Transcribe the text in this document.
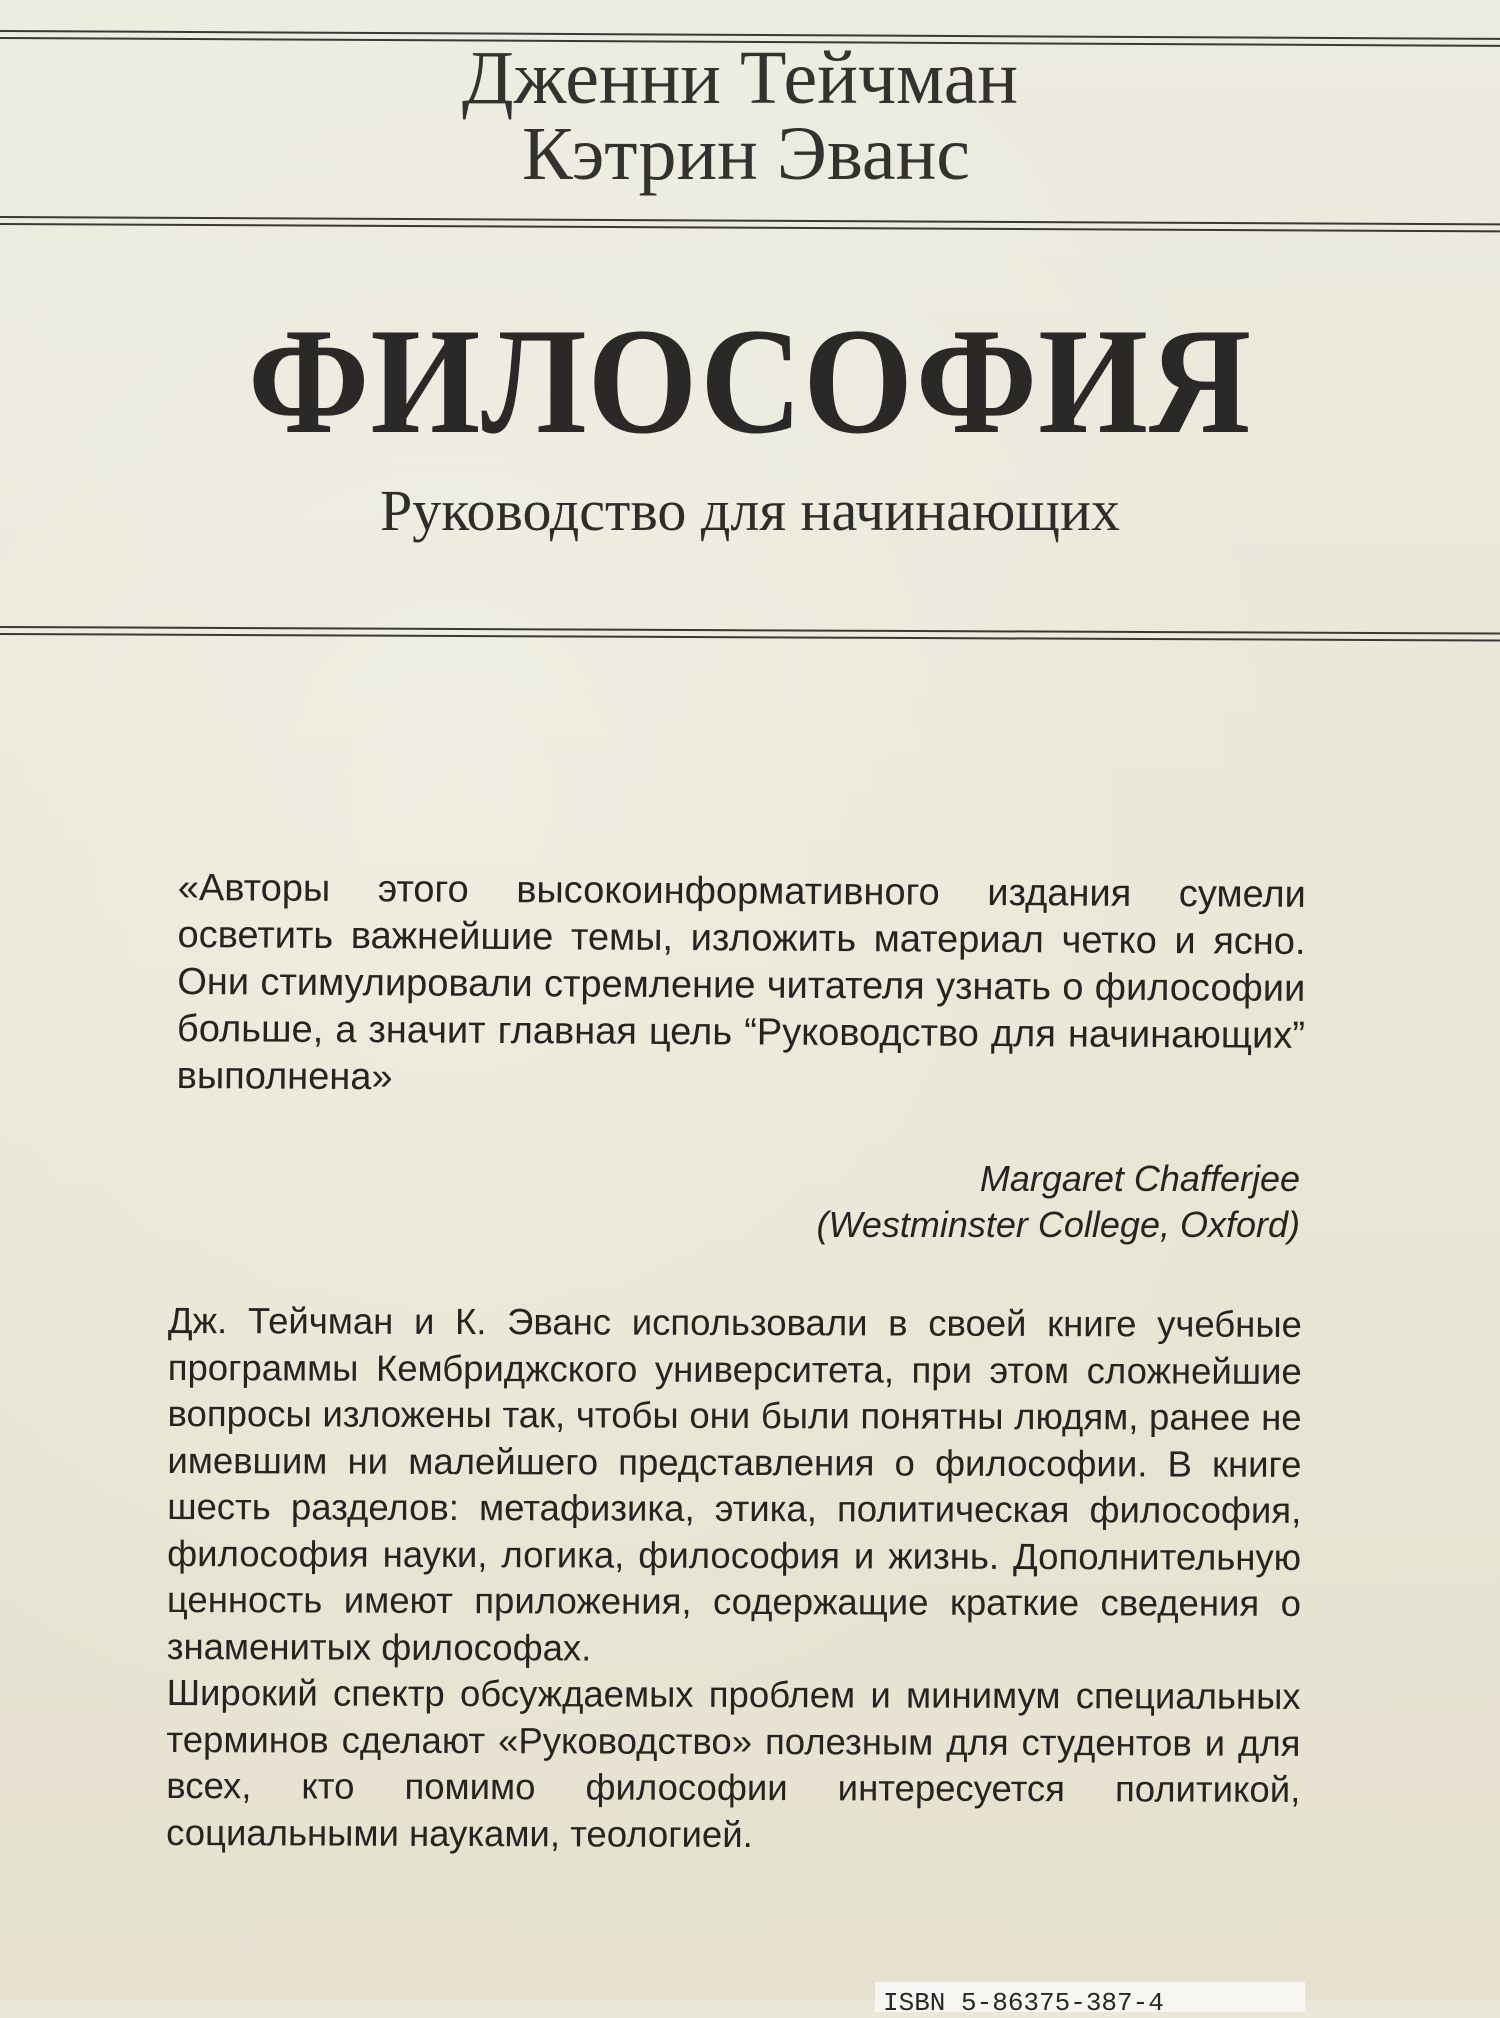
Дженни Тейчман
Кэтрин Эванс
ФИЛОСОФИЯ
Руководство для начинающих
«Авторы этого высокоинформативного издания сумели осветить важнейшие темы, изложить материал четко и ясно. Они стимулировали стремление читателя узнать о философии больше, а значит главная цель “Руководство для начинающих” выполнена»
Margaret Chafferjee
(Westminster College, Oxford)

Дж. Тейчман и К. Эванс использовали в своей книге учебные программы Кембриджского университета, при этом сложнейшие вопросы изложены так, чтобы они были понятны людям, ранее не имевшим ни малейшего представления о философии. В книге шесть разделов: метафизика, этика, политическая философия, философия науки, логика, философия и жизнь. Дополнительную ценность имеют приложения, содержащие краткие сведения о знаменитых философах.

Широкий спектр обсуждаемых проблем и минимум специальных терминов сделают «Руководство» полезным для студентов и для всех, кто помимо философии интересуется политикой, социальными науками, теологией.

ISBN 5-86375-387-4
